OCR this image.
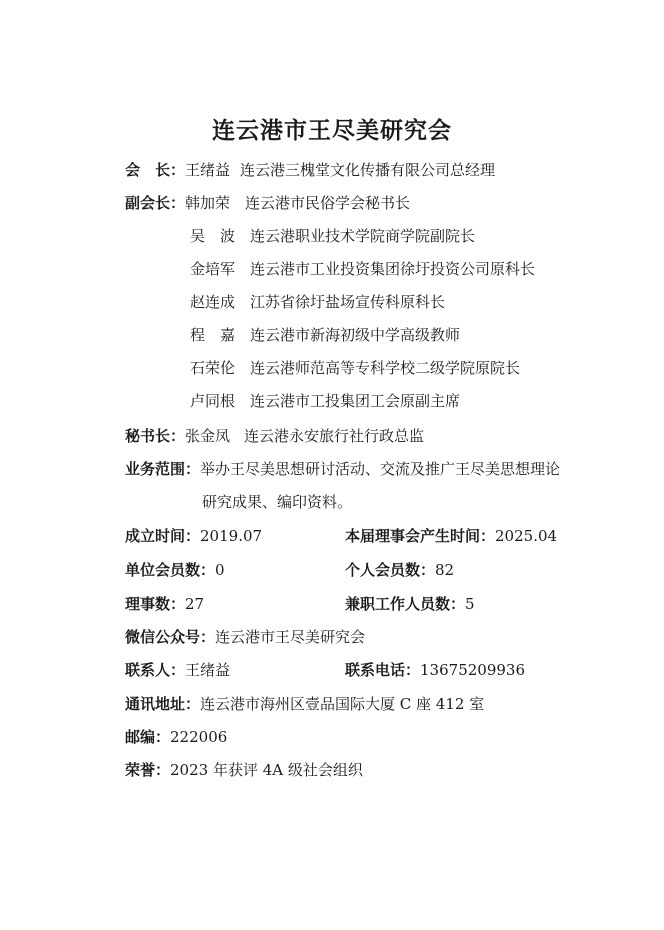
连云港市王尽美研究会
会　长：王绪益 连云港三槐堂文化传播有限公司总经理
副会长：韩加荣 连云港市民俗学会秘书长
吴　波 连云港职业技术学院商学院副院长
金培军 连云港市工业投资集团徐圩投资公司原科长
赵连成 江苏省徐圩盐场宣传科原科长
程　嘉 连云港市新海初级中学高级教师
石荣伦 连云港师范高等专科学校二级学院原院长
卢同根 连云港市工投集团工会原副主席
秘书长：张金凤 连云港永安旅行社行政总监
业务范围：举办王尽美思想研讨活动、交流及推广王尽美思想理论
研究成果、编印资料。
成立时间：2019.07	本届理事会产生时间：2025.04
单位会员数：0	个人会员数：82
理事数：27	兼职工作人员数：5
微信公众号：连云港市王尽美研究会
联系人：王绪益	联系电话：13675209936
通讯地址：连云港市海州区壹品国际大厦 C 座 412 室
邮编：222006
荣誉：2023 年获评 4A 级社会组织
